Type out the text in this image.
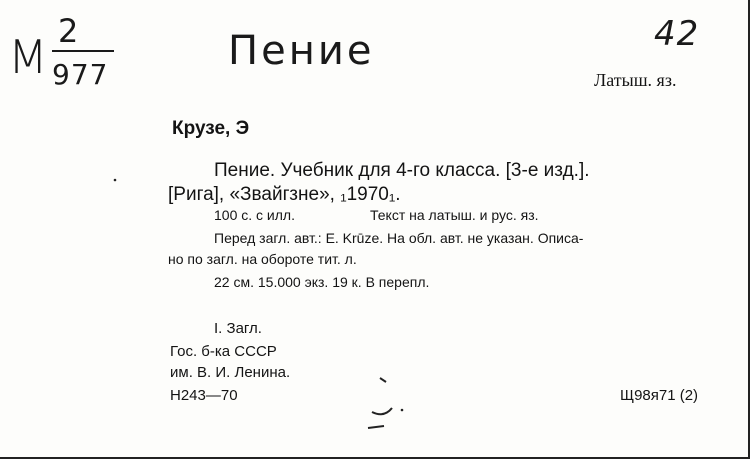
М 2
977
Пение	42
Латыш. яз.
Крузе, Э
Пение. Учебник для 4-го класса. [3-е изд.].
[Рига], «Звайгзне», ₁1970₁.
100 с. с илл.	Текст на латыш. и рус. яз.
Перед загл. авт.: E. Krūze. На обл. авт. не указан. Описа-
но по загл. на обороте тит. л.
22 см. 15.000 экз. 19 к. В перепл.
I. Загл.
Гос. б-ка СССР
им. В. И. Ленина.
Н243—70	Щ98я71 (2)
